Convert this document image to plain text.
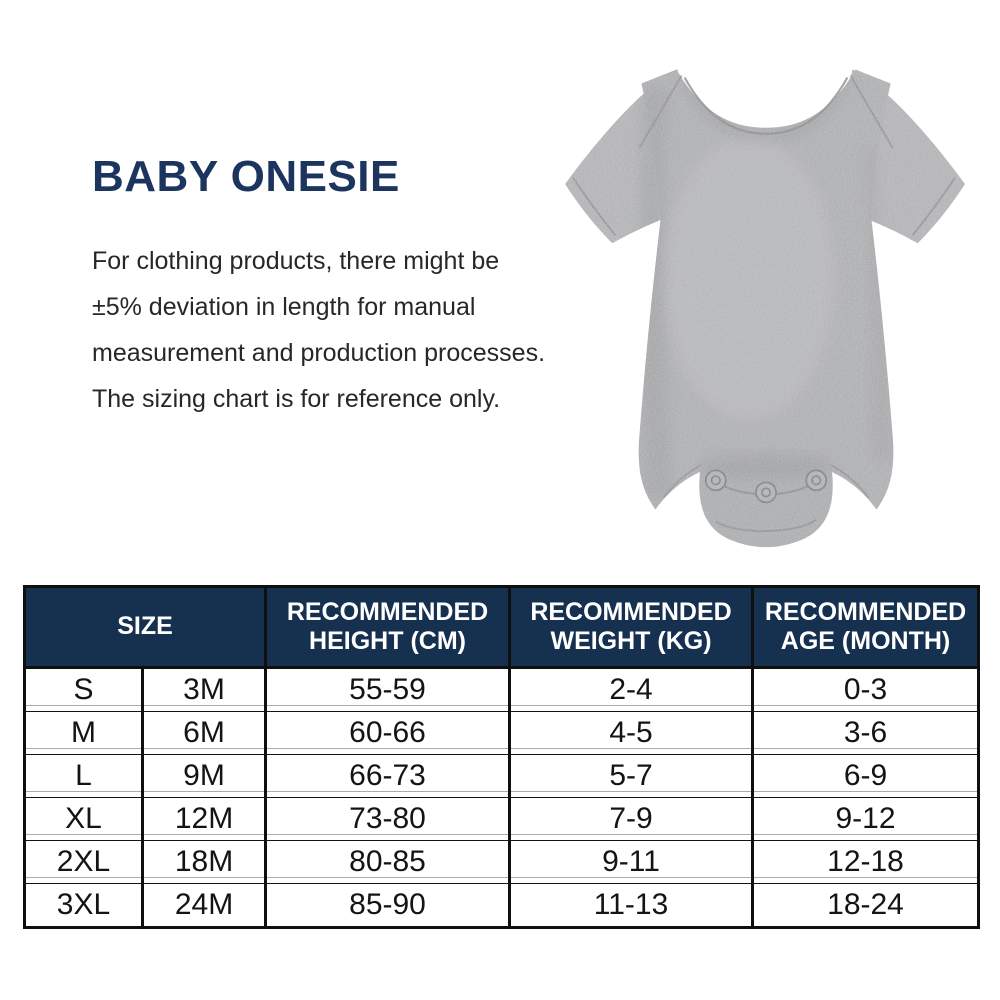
BABY ONESIE

For clothing products, there might be
±5% deviation in length for manual
measurement and production processes.
The sizing chart is for reference only.

SIZE		RECOMMENDED HEIGHT (CM)	RECOMMENDED WEIGHT (KG)	RECOMMENDED AGE (MONTH)
S	3M	55-59	2-4	0-3
M	6M	60-66	4-5	3-6
L	9M	66-73	5-7	6-9
XL	12M	73-80	7-9	9-12
2XL	18M	80-85	9-11	12-18
3XL	24M	85-90	11-13	18-24
